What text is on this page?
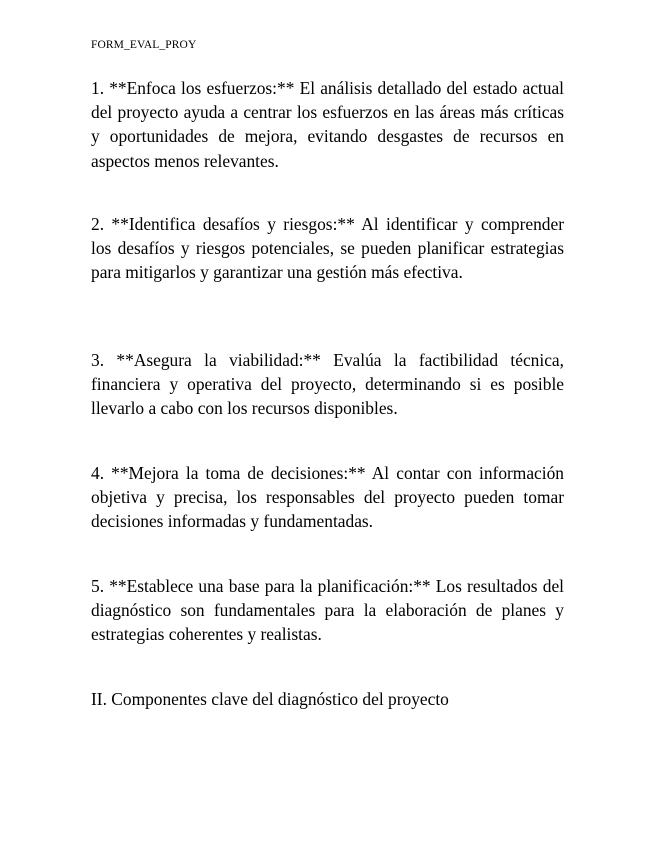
FORM_EVAL_PROY

1. **Enfoca los esfuerzos:** El análisis detallado del estado actual del proyecto ayuda a centrar los esfuerzos en las áreas más críticas y oportunidades de mejora, evitando desgastes de recursos en aspectos menos relevantes.

2. **Identifica desafíos y riesgos:** Al identificar y comprender los desafíos y riesgos potenciales, se pueden planificar estrategias para mitigarlos y garantizar una gestión más efectiva.

3. **Asegura la viabilidad:** Evalúa la factibilidad técnica, financiera y operativa del proyecto, determinando si es posible llevarlo a cabo con los recursos disponibles.

4. **Mejora la toma de decisiones:** Al contar con información objetiva y precisa, los responsables del proyecto pueden tomar decisiones informadas y fundamentadas.

5. **Establece una base para la planificación:** Los resultados del diagnóstico son fundamentales para la elaboración de planes y estrategias coherentes y realistas.

II. Componentes clave del diagnóstico del proyecto
